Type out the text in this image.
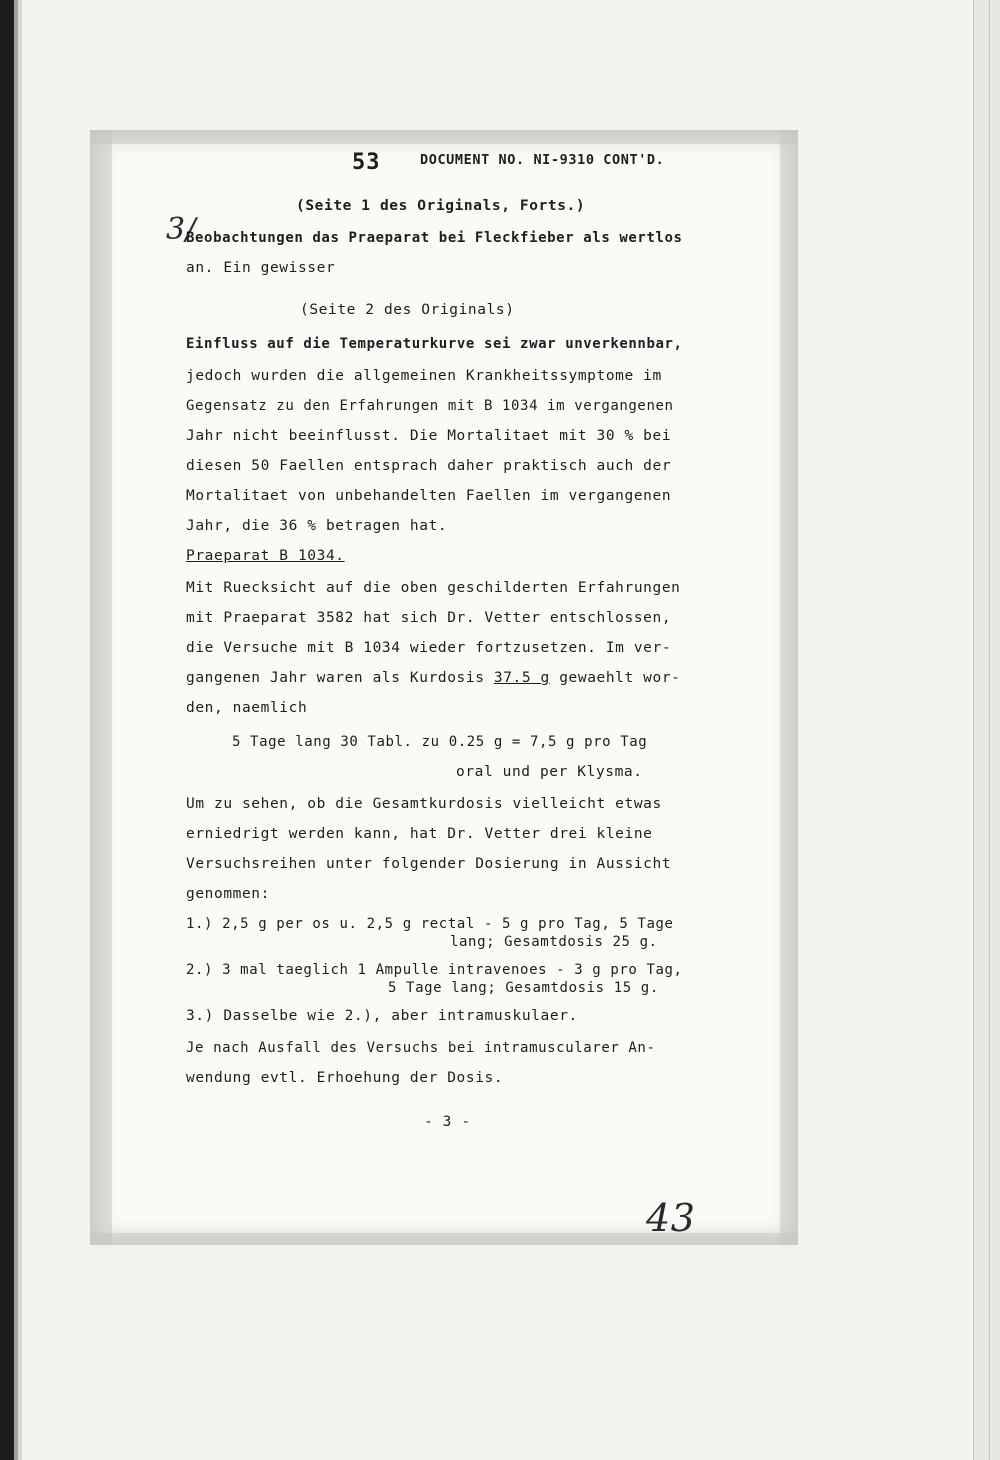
53	DOCUMENT NO. NI-9310 CONT'D.
3/
(Seite 1 des Originals, Forts.)
Beobachtungen das Praeparat bei Fleckfieber als wertlos
an. Ein gewisser
(Seite 2 des Originals)
Einfluss auf die Temperaturkurve sei zwar unverkennbar,
jedoch wurden die allgemeinen Krankheitssymptome im
Gegensatz zu den Erfahrungen mit B 1034 im vergangenen
Jahr nicht beeinflusst. Die Mortalitaet mit 30 % bei
diesen 50 Faellen entsprach daher praktisch auch der
Mortalitaet von unbehandelten Faellen im vergangenen
Jahr, die 36 % betragen hat.
Praeparat B 1034.
Mit Ruecksicht auf die oben geschilderten Erfahrungen
mit Praeparat 3582 hat sich Dr. Vetter entschlossen,
die Versuche mit B 1034 wieder fortzusetzen. Im ver-
gangenen Jahr waren als Kurdosis 37.5 g gewaehlt wor-
den, naemlich
5 Tage lang 30 Tabl. zu 0.25 g = 7,5 g pro Tag
oral und per Klysma.
Um zu sehen, ob die Gesamtkurdosis vielleicht etwas
erniedrigt werden kann, hat Dr. Vetter drei kleine
Versuchsreihen unter folgender Dosierung in Aussicht
genommen:
1.) 2,5 g per os u. 2,5 g rectal - 5 g pro Tag, 5 Tage
lang; Gesamtdosis 25 g.
2.) 3 mal taeglich 1 Ampulle intravenoes - 3 g pro Tag,
5 Tage lang; Gesamtdosis 15 g.
3.) Dasselbe wie 2.), aber intramuskulaer.
Je nach Ausfall des Versuchs bei intramuscularer An-
wendung evtl. Erhoehung der Dosis.
- 3 -
43
